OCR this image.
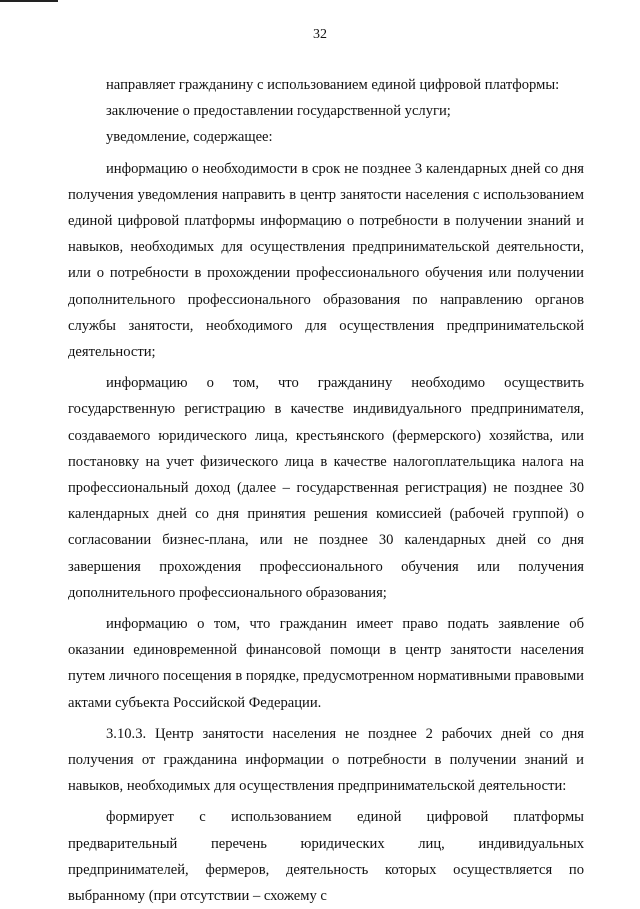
32

направляет гражданину с использованием единой цифровой платформы:

заключение о предоставлении государственной услуги;

уведомление, содержащее:

информацию о необходимости в срок не позднее 3 календарных дней со дня получения уведомления направить в центр занятости населения с использованием единой цифровой платформы информацию о потребности в получении знаний и навыков, необходимых для осуществления предпринимательской деятельности, или о потребности в прохождении профессионального обучения или получении дополнительного профессионального образования по направлению органов службы занятости, необходимого для осуществления предпринимательской деятельности;

информацию о том, что гражданину необходимо осуществить государственную регистрацию в качестве индивидуального предпринимателя, создаваемого юридического лица, крестьянского (фермерского) хозяйства, или постановку на учет физического лица в качестве налогоплательщика налога на профессиональный доход (далее – государственная регистрация) не позднее 30 календарных дней со дня принятия решения комиссией (рабочей группой) о согласовании бизнес-плана, или не позднее 30 календарных дней со дня завершения прохождения профессионального обучения или получения дополнительного профессионального образования;

информацию о том, что гражданин имеет право подать заявление об оказании единовременной финансовой помощи в центр занятости населения путем личного посещения в порядке, предусмотренном нормативными правовыми актами субъекта Российской Федерации.

3.10.3. Центр занятости населения не позднее 2 рабочих дней со дня получения от гражданина информации о потребности в получении знаний и навыков, необходимых для осуществления предпринимательской деятельности:

формирует с использованием единой цифровой платформы предварительный перечень юридических лиц, индивидуальных предпринимателей, фермеров, деятельность которых осуществляется по выбранному (при отсутствии – схожему с
